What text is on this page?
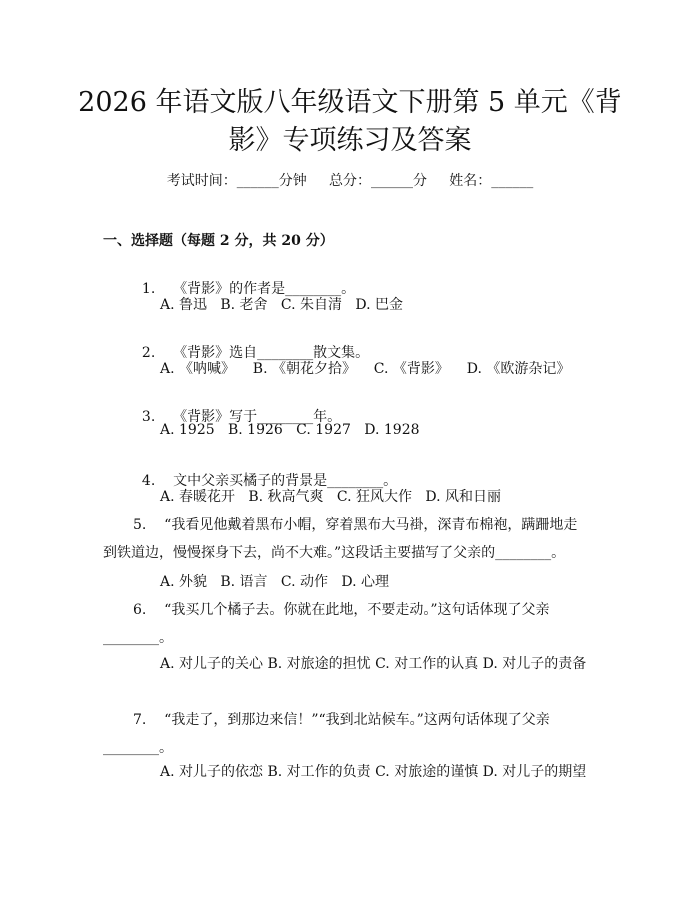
2026 年语文版八年级语文下册第 5 单元《背
影》专项练习及答案
考试时间：______分钟     总分：______分     姓名：______
一、选择题（每题 2 分，共 20 分）

1. 《背影》的作者是________。

A. 鲁迅   B. 老舍   C. 朱自清   D. 巴金

2. 《背影》选自________散文集。

A. 《呐喊》    B. 《朝花夕拾》    C. 《背影》    D. 《欧游杂记》

3. 《背影》写于________年。

A. 1925   B. 1926   C. 1927   D. 1928

4. 文中父亲买橘子的背景是________。

A. 春暖花开   B. 秋高气爽   C. 狂风大作   D. 风和日丽
5. “我看见他戴着黑布小帽，穿着黑布大马褂，深青布棉袍，蹒跚地走到铁道边，慢慢探身下去，尚不大难。”这段话主要描写了父亲的________。
A. 外貌   B. 语言   C. 动作   D. 心理
6. “我买几个橘子去。你就在此地，不要走动。”这句话体现了父亲________。
A. 对儿子的关心 B. 对旅途的担忧 C. 对工作的认真 D. 对儿子的责备
7. “我走了，到那边来信！”“我到北站候车。”这两句话体现了父亲________。
A. 对儿子的依恋 B. 对工作的负责 C. 对旅途的谨慎 D. 对儿子的期望
